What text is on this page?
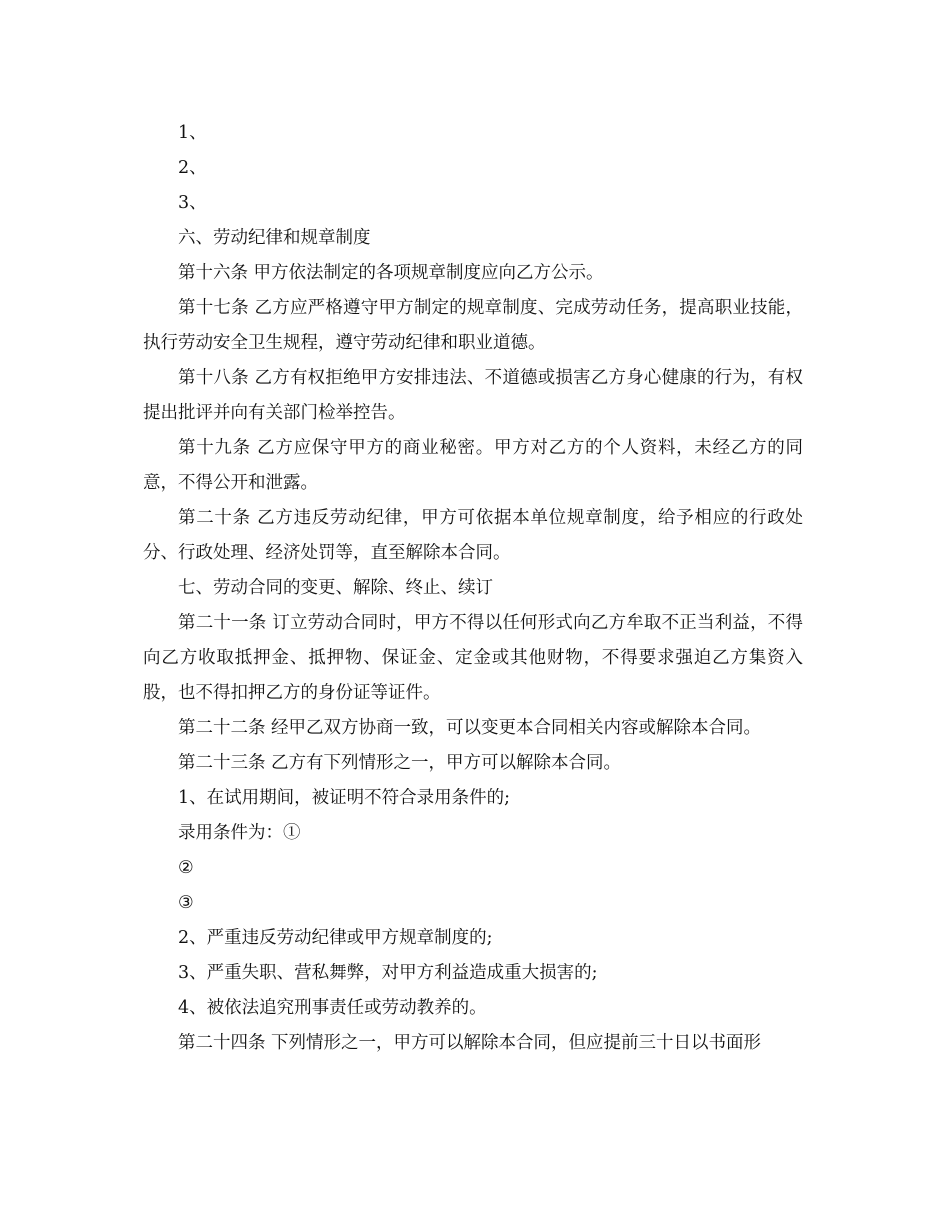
1、

2、

3、

六、劳动纪律和规章制度

第十六条 甲方依法制定的各项规章制度应向乙方公示。

第十七条 乙方应严格遵守甲方制定的规章制度、完成劳动任务，提高职业技能，执行劳动安全卫生规程，遵守劳动纪律和职业道德。

第十八条 乙方有权拒绝甲方安排违法、不道德或损害乙方身心健康的行为，有权提出批评并向有关部门检举控告。

第十九条 乙方应保守甲方的商业秘密。甲方对乙方的个人资料，未经乙方的同意，不得公开和泄露。

第二十条 乙方违反劳动纪律，甲方可依据本单位规章制度，给予相应的行政处分、行政处理、经济处罚等，直至解除本合同。

七、劳动合同的变更、解除、终止、续订

第二十一条 订立劳动合同时，甲方不得以任何形式向乙方牟取不正当利益，不得向乙方收取抵押金、抵押物、保证金、定金或其他财物，不得要求强迫乙方集资入股，也不得扣押乙方的身份证等证件。

第二十二条 经甲乙双方协商一致，可以变更本合同相关内容或解除本合同。

第二十三条 乙方有下列情形之一，甲方可以解除本合同。

1、在试用期间，被证明不符合录用条件的;

录用条件为：①

②

③

2、严重违反劳动纪律或甲方规章制度的;

3、严重失职、营私舞弊，对甲方利益造成重大损害的;

4、被依法追究刑事责任或劳动教养的。

第二十四条 下列情形之一，甲方可以解除本合同，但应提前三十日以书面形
